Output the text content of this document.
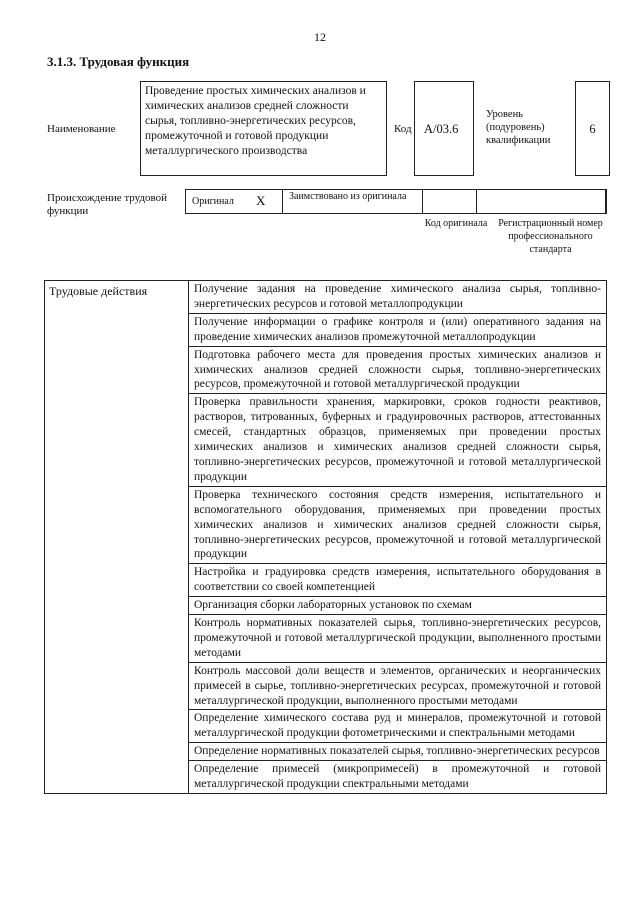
12
3.1.3. Трудовая функция
Наименование
Проведение простых химических анализов и химических анализов средней сложности сырья, топливно-энергетических ресурсов, промежуточной и готовой продукции металлургического производства
Код A/03.6
Уровень (подуровень) квалификации
6
Происхождение трудовой функции
Оригинал X	Заимствовано из оригинала
Код оригинала	Регистрационный номер профессионального стандарта
Трудовые действия	Получение задания на проведение химического анализа сырья, топливно-энергетических ресурсов и готовой металлопродукции
Получение информации о графике контроля и (или) оперативного задания на проведение химических анализов промежуточной металлопродукции
Подготовка рабочего места для проведения простых химических анализов и химических анализов средней сложности сырья, топливно-энергетических ресурсов, промежуточной и готовой металлургической продукции
Проверка правильности хранения, маркировки, сроков годности реактивов, растворов, титрованных, буферных и градуировочных растворов, аттестованных смесей, стандартных образцов, применяемых при проведении простых химических анализов и химических анализов средней сложности сырья, топливно-энергетических ресурсов, промежуточной и готовой металлургической продукции
Проверка технического состояния средств измерения, испытательного и вспомогательного оборудования, применяемых при проведении простых химических анализов и химических анализов средней сложности сырья, топливно-энергетических ресурсов, промежуточной и готовой металлургической продукции
Настройка и градуировка средств измерения, испытательного оборудования в соответствии со своей компетенцией
Организация сборки лабораторных установок по схемам
Контроль нормативных показателей сырья, топливно-энергетических ресурсов, промежуточной и готовой металлургической продукции, выполненного простыми методами
Контроль массовой доли веществ и элементов, органических и неорганических примесей в сырье, топливно-энергетических ресурсах, промежуточной и готовой металлургической продукции, выполненного простыми методами
Определение химического состава руд и минералов, промежуточной и готовой металлургической продукции фотометрическими и спектральными методами
Определение нормативных показателей сырья, топливно-энергетических ресурсов
Определение примесей (микропримесей) в промежуточной и готовой металлургической продукции спектральными методами
